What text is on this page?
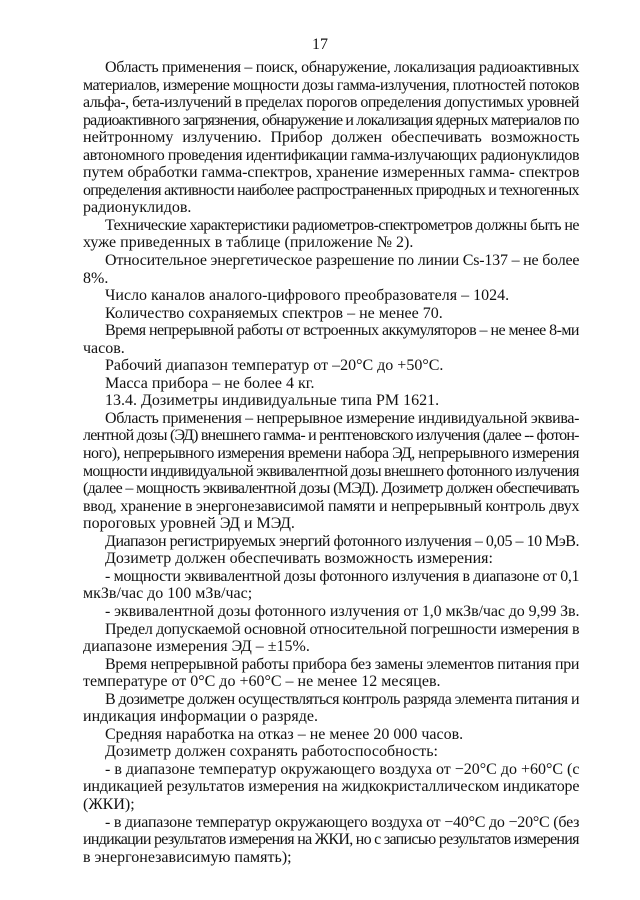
17
Область применения – поиск, обнаружение, локализация радиоактивных
материалов, измерение мощности дозы гамма-излучения, плотностей потоков
альфа-, бета-излучений в пределах порогов определения допустимых уровней
радиоактивного загрязнения, обнаружение и локализация ядерных материалов по
нейтронному излучению. Прибор должен обеспечивать возможность
автономного проведения идентификации гамма-излучающих радионуклидов
путем обработки гамма-спектров, хранение измеренных гамма- спектров
определения активности наиболее распространенных природных и техногенных
радионуклидов.
Технические характеристики радиометров-спектрометров должны быть не
хуже приведенных в таблице (приложение № 2).
Относительное энергетическое разрешение по линии Cs-137 – не более
8%.
Число каналов аналого-цифрового преобразователя – 1024.
Количество сохраняемых спектров – не менее 70.
Время непрерывной работы от встроенных аккумуляторов – не менее 8-ми
часов.
Рабочий диапазон температур от –20°С до +50°С.
Масса прибора – не более 4 кг.
13.4. Дозиметры индивидуальные типа РМ 1621.
Область применения – непрерывное измерение индивидуальной эквива-
лентной дозы (ЭД) внешнего гамма- и рентгеновского излучения (далее -- фотон-
ного), непрерывного измерения времени набора ЭД, непрерывного измерения
мощности индивидуальной эквивалентной дозы внешнего фотонного излучения
(далее – мощность эквивалентной дозы (МЭД). Дозиметр должен обеспечивать
ввод, хранение в энергонезависимой памяти и непрерывный контроль двух
пороговых уровней ЭД и МЭД.
Диапазон регистрируемых энергий фотонного излучения – 0,05 – 10 МэВ.
Дозиметр должен обеспечивать возможность измерения:
- мощности эквивалентной дозы фотонного излучения в диапазоне от 0,1
мкЗв/час до 100 мЗв/час;
- эквивалентной дозы фотонного излучения от 1,0 мкЗв/час до 9,99 Зв.
Предел допускаемой основной относительной погрешности измерения в
диапазоне измерения ЭД – ±15%.
Время непрерывной работы прибора без замены элементов питания при
температуре от 0°С до +60°С – не менее 12 месяцев.
В дозиметре должен осуществляться контроль разряда элемента питания и
индикация информации о разряде.
Средняя наработка на отказ – не менее 20 000 часов.
Дозиметр должен сохранять работоспособность:
- в диапазоне температур окружающего воздуха от −20°С до +60°С (с
индикацией результатов измерения на жидкокристаллическом индикаторе
(ЖКИ);
- в диапазоне температур окружающего воздуха от −40°С до −20°С (без
индикации результатов измерения на ЖКИ, но с записью результатов измерения
в энергонезависимую память);
